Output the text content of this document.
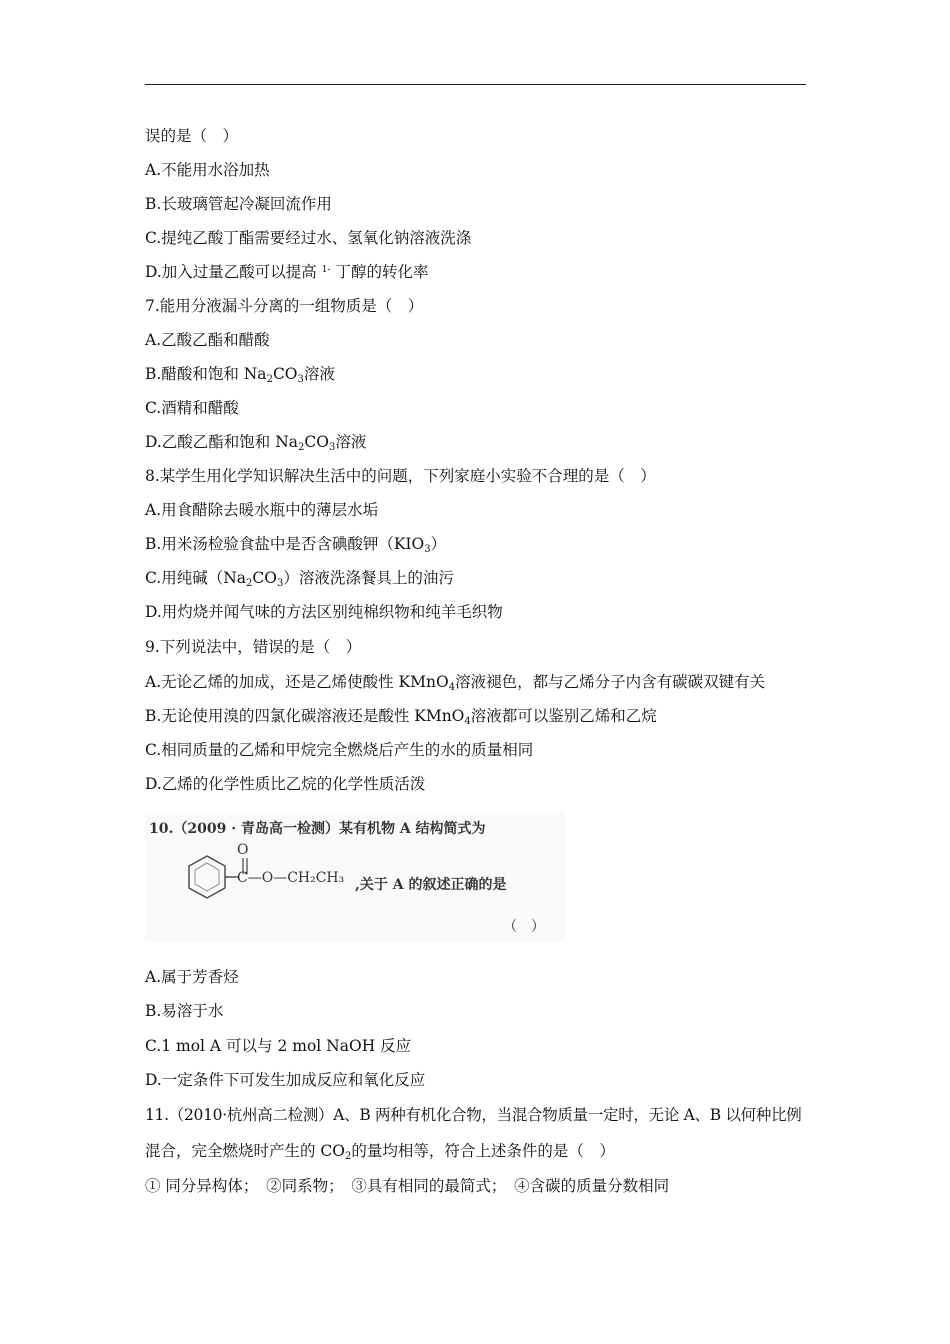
误的是（　）
A.不能用水浴加热
B.长玻璃管起冷凝回流作用
C.提纯乙酸丁酯需要经过水、氢氧化钠溶液洗涤
D.加入过量乙酸可以提高 $^{1-}$ 丁醇的转化率
7.能用分液漏斗分离的一组物质是（　）
A.乙酸乙酯和醋酸
B.醋酸和饱和 $Na_2CO_3$溶液
C.酒精和醋酸
D.乙酸乙酯和饱和 $Na_2CO_3$溶液
8.某学生用化学知识解决生活中的问题，下列家庭小实验不合理的是（　）
A.用食醋除去暖水瓶中的薄层水垢
B.用米汤检验食盐中是否含碘酸钾$(KIO_3)$
C.用纯碱$(Na_2CO_3)$溶液洗涤餐具上的油污
D.用灼烧并闻气味的方法区别纯棉织物和纯羊毛织物
9.下列说法中，错误的是（　）
A.无论乙烯的加成，还是乙烯使酸性 KMnO$_4$溶液褪色，都与乙烯分子内含有碳碳双键有关
B.无论使用溴的四氯化碳溶液还是酸性 KMnO$_4$溶液都可以鉴别乙烯和乙烷
C.相同质量的乙烯和甲烷完全燃烧后产生的水的质量相同
D.乙烯的化学性质比乙烷的化学性质活泼
10.（2009 · 青岛高一检测）某有机物 A 结构简式为
O
C—O—CH₂CH₃ ,关于 A 的叙述正确的是
（　）
A.属于芳香烃
B.易溶于水
C.1 mol A 可以与 2 mol NaOH 反应
D.一定条件下可发生加成反应和氧化反应
11.（2010·杭州高二检测）A、B 两种有机化合物，当混合物质量一定时，无论 A、B 以何种比例
混合，完全燃烧时产生的 $CO_2$的量均相等，符合上述条件的是（　）
① 同分异构体；　②同系物；　③具有相同的最简式；　④含碳的质量分数相同
